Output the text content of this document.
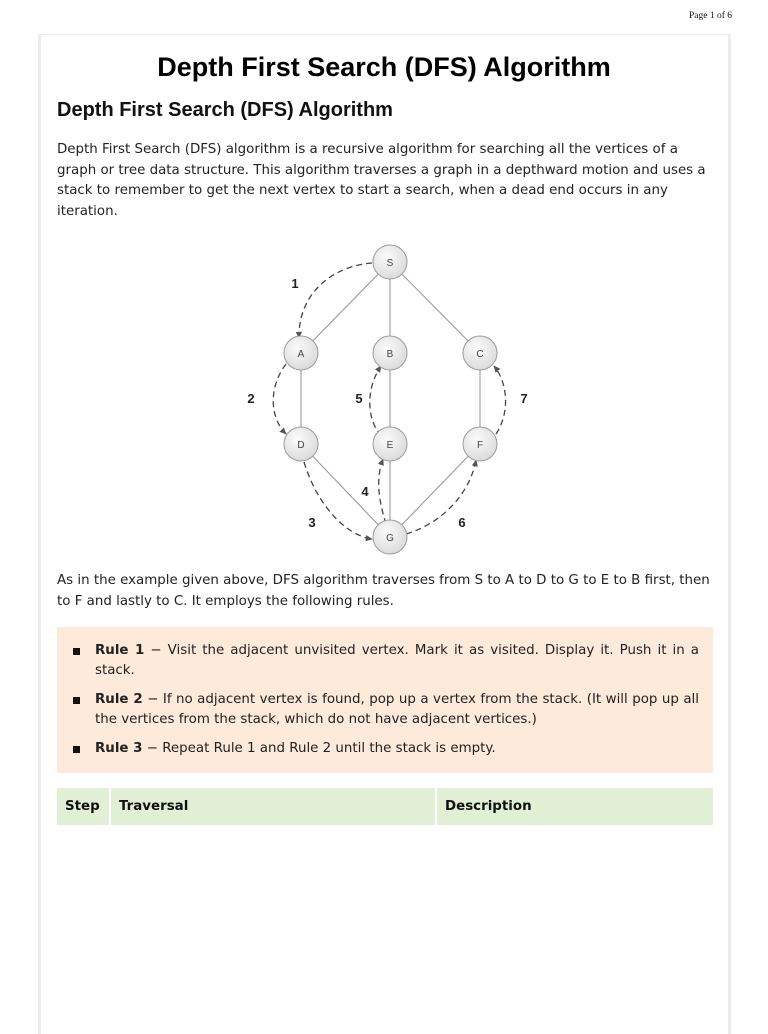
Page 1 of 6
Depth First Search (DFS) Algorithm
Depth First Search (DFS) Algorithm

Depth First Search (DFS) algorithm is a recursive algorithm for searching all the vertices of a graph or tree data structure. This algorithm traverses a graph in a depthward motion and uses a stack to remember to get the next vertex to start a search, when a dead end occurs in any iteration.

S
A	B	C
D	E	F
G
1
2
3
4
5
6
7

As in the example given above, DFS algorithm traverses from S to A to D to G to E to B first, then to F and lastly to C. It employs the following rules.

Rule 1 − Visit the adjacent unvisited vertex. Mark it as visited. Display it. Push it in a stack.
Rule 2 − If no adjacent vertex is found, pop up a vertex from the stack. (It will pop up all the vertices from the stack, which do not have adjacent vertices.)
Rule 3 − Repeat Rule 1 and Rule 2 until the stack is empty.
Step	Traversal	Description
